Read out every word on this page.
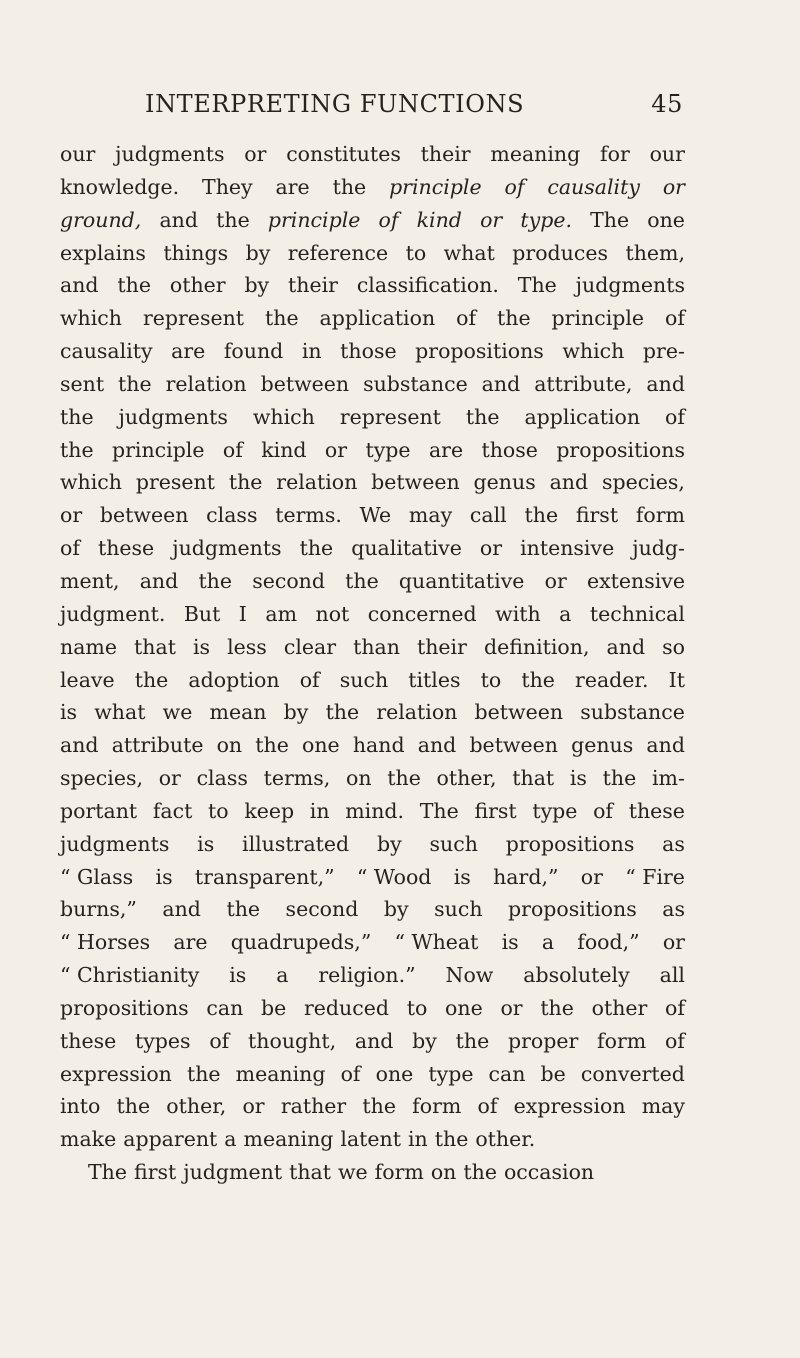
INTERPRETING FUNCTIONS	45
our judgments or constitutes their meaning for our
knowledge. They are the principle of causality or
ground, and the principle of kind or type. The one
explains things by reference to what produces them,
and the other by their classification. The judgments
which represent the application of the principle of
causality are found in those propositions which pre-
sent the relation between substance and attribute, and
the judgments which represent the application of
the principle of kind or type are those propositions
which present the relation between genus and species,
or between class terms. We may call the first form
of these judgments the qualitative or intensive judg-
ment, and the second the quantitative or extensive
judgment. But I am not concerned with a technical
name that is less clear than their definition, and so
leave the adoption of such titles to the reader. It
is what we mean by the relation between substance
and attribute on the one hand and between genus and
species, or class terms, on the other, that is the im-
portant fact to keep in mind. The first type of these
judgments is illustrated by such propositions as
“ Glass is transparent,” “ Wood is hard,” or “ Fire
burns,” and the second by such propositions as
“ Horses are quadrupeds,” “ Wheat is a food,” or
“ Christianity is a religion.” Now absolutely all
propositions can be reduced to one or the other of
these types of thought, and by the proper form of
expression the meaning of one type can be converted
into the other, or rather the form of expression may
make apparent a meaning latent in the other.
The first judgment that we form on the occasion
